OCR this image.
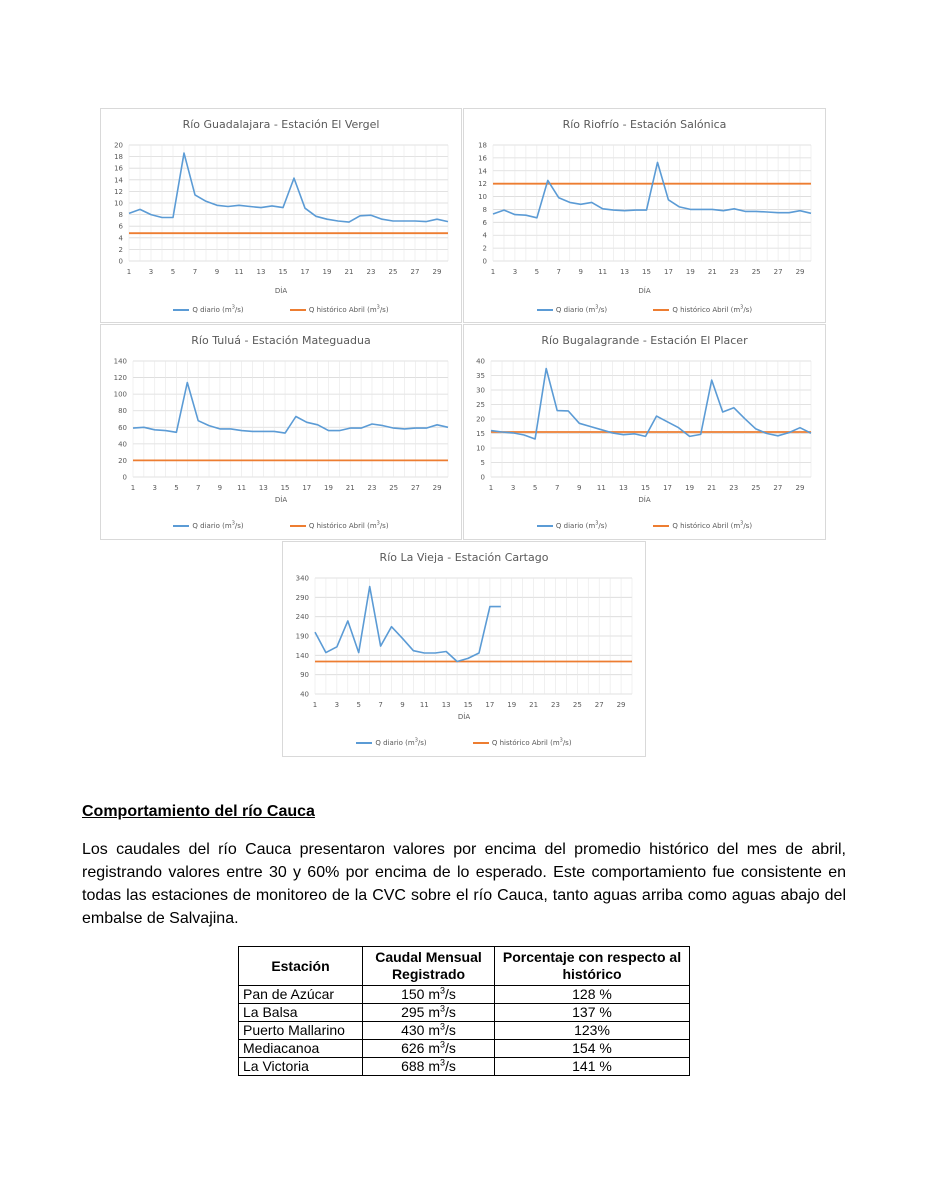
Río Guadalajara - Estación El Vergel
0
2
4
6
8
10
12
14
16
18
20
1	3	5	7	9 11 13 15 17 19 21 23 25 27 29
DÍA
Q diario $(m^3/s)$	Q histórico Abril $(m^3/s)$
Río Riofrío - Estación Salónica
0
2
4
6
8
10
12
14
16
18
1 3 5 7 9 11 13 15 17 19 21 23 25 27 29
DÍA
Q diario $(m^3/s)$	Q histórico Abril $(m^3/s)$
Río Tuluá - Estación Mateguadua
0
20
40
60
80
100
120
140
1 3 5 7 9 11 13 15 17 19 21 23 25 27 29
DÍA
Q diario $(m^3/s)$	Q histórico Abril $(m^3/s)$
Río Bugalagrande - Estación El Placer
0
5
10
15
20
25
30
35
40
1	3	5	7	9 11 13 15 17 19 21 23 25 27 29
DÍA
Q diario $(m^3/s)$	Q histórico Abril $(m^3/s)$
Río La Vieja - Estación Cartago
40
90
140
190
240
290
340
1 3 5 7 9 11 13 15 17 19 21 23 25 27 29
DÍA
Q diario $(m^3/s)$	Q histórico Abril $(m^3/s)$
Comportamiento del río Cauca

Los caudales del río Cauca presentaron valores por encima del promedio histórico del mes de abril, registrando valores entre 30 y 60% por encima de lo esperado. Este comportamiento fue consistente en todas las estaciones de monitoreo de la CVC sobre el río Cauca, tanto aguas arriba como aguas abajo del embalse de Salvajina.

Estación	Caudal Mensual Registrado	Porcentaje con respecto al histórico
Pan de Azúcar	150 $m^3/s$	128 %
La Balsa	295 $m^3/s$	137 %
Puerto Mallarino	430 $m^3/s$	123%
Mediacanoa	626 $m^3/s$	154 %
La Victoria	688 $m^3/s$	141 %
